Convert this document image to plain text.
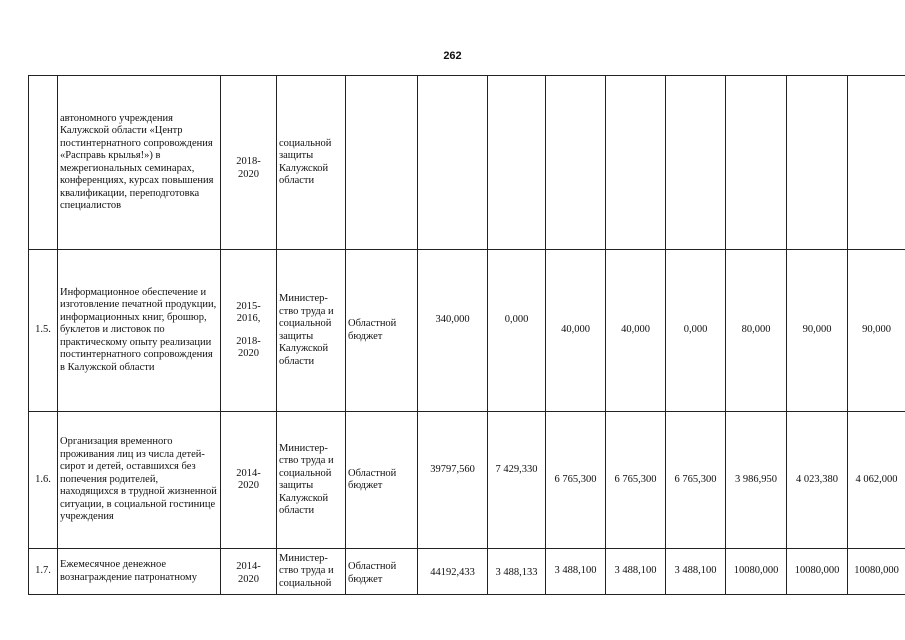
262
	автономного учреждения Калужской области «Центр постинтернатного сопровождения «Расправь крылья!») в межрегиональных семинарах, конференциях, курсах повышения квалификации, переподготовка специалистов	2018-
2020	социальной защиты Калужской области									
1.5.	Информационное обеспечение и изготовление печатной продукции, информационных книг, брошюр, буклетов и листовок по практическому опыту реализации постинтернатного сопровождения в Калужской области	2015-
2016,
2018-
2020	Министер-ство труда и социальной защиты Калужской области	Областной бюджет	340,000	0,000	40,000	40,000	0,000	80,000	90,000	90,000
1.6.	Организация временного проживания лиц из числа детей-сирот и детей, оставшихся без попечения родителей, находящихся в трудной жизненной ситуации, в социальной гостинице учреждения	2014-
2020	Министер-ство труда и социальной защиты Калужской области	Областной бюджет	39797,560	7 429,330	6 765,300	6 765,300	6 765,300	3 986,950	4 023,380	4 062,000
1.7.	Ежемесячное денежное вознаграждение патронатному	2014-
2020	Министер-ство труда и социальной	Областной бюджет	44192,433	3 488,133	3 488,100	3 488,100	3 488,100	10080,000	10080,000	10080,000
